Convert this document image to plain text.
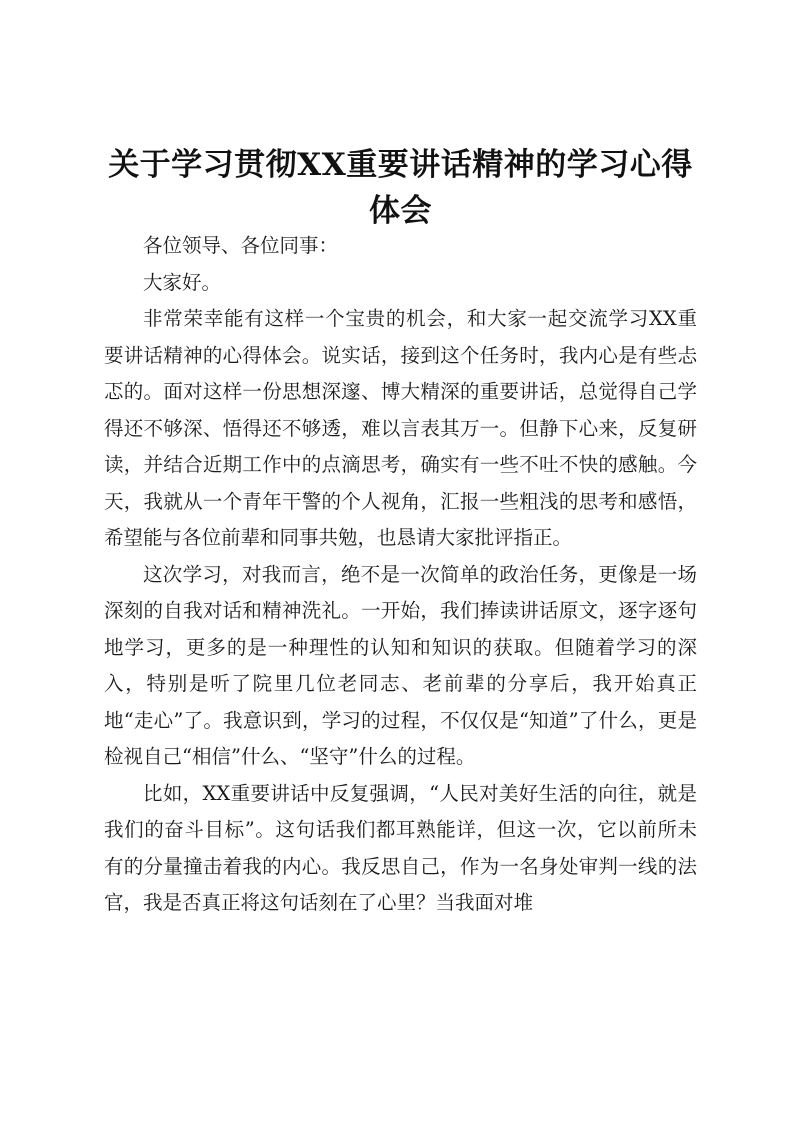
关于学习贯彻XX重要讲话精神的学习心得体会

各位领导、各位同事：

大家好。

非常荣幸能有这样一个宝贵的机会，和大家一起交流学习XX重要讲话精神的心得体会。说实话，接到这个任务时，我内心是有些忐忑的。面对这样一份思想深邃、博大精深的重要讲话，总觉得自己学得还不够深、悟得还不够透，难以言表其万一。但静下心来，反复研读，并结合近期工作中的点滴思考，确实有一些不吐不快的感触。今天，我就从一个青年干警的个人视角，汇报一些粗浅的思考和感悟，希望能与各位前辈和同事共勉，也恳请大家批评指正。

这次学习，对我而言，绝不是一次简单的政治任务，更像是一场深刻的自我对话和精神洗礼。一开始，我们捧读讲话原文，逐字逐句地学习，更多的是一种理性的认知和知识的获取。但随着学习的深入，特别是听了院里几位老同志、老前辈的分享后，我开始真正地“走心”了。我意识到，学习的过程，不仅仅是“知道”了什么，更是检视自己“相信”什么、“坚守”什么的过程。

比如，XX重要讲话中反复强调，“人民对美好生活的向往，就是我们的奋斗目标”。这句话我们都耳熟能详，但这一次，它以前所未有的分量撞击着我的内心。我反思自己，作为一名身处审判一线的法官，我是否真正将这句话刻在了心里？当我面对堆
